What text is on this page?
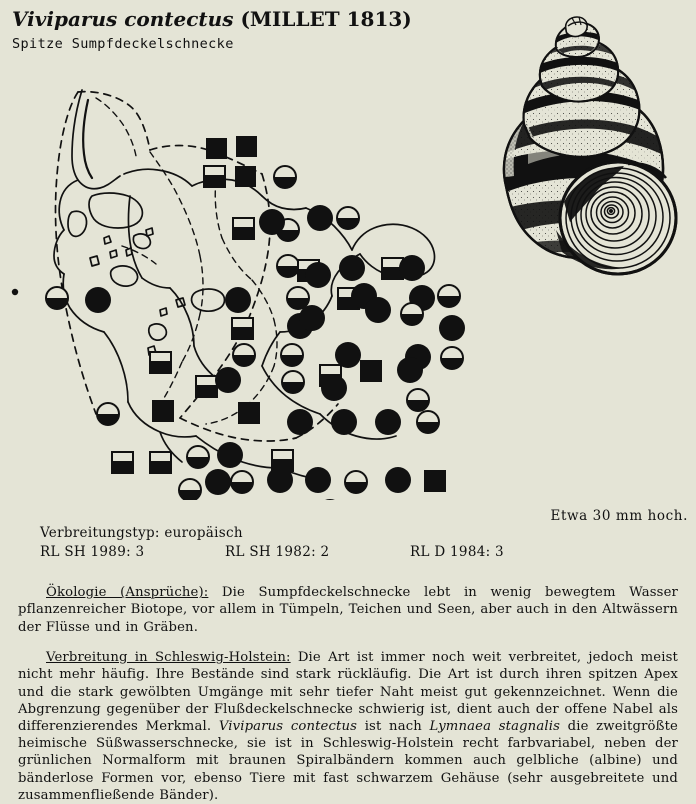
Viviparus contectus (MILLET 1813)
Spitze Sumpfdeckelschnecke
Etwa 30 mm hoch.
Verbreitungstyp: europäisch
RL SH 1989: 3	RL SH 1982: 2	RL D 1984: 3

Ökologie (Ansprüche): Die Sumpfdeckelschnecke lebt in wenig bewegtem Wasser pflanzenreicher Biotope, vor allem in Tümpeln, Teichen und Seen, aber auch in den Altwässern der Flüsse und in Gräben.

Verbreitung in Schleswig-Holstein: Die Art ist immer noch weit verbreitet, jedoch meist nicht mehr häufig. Ihre Bestände sind stark rückläufig. Die Art ist durch ihren spitzen Apex und die stark gewölbten Umgänge mit sehr tiefer Naht meist gut gekennzeichnet. Wenn die Abgrenzung gegenüber der Flußdeckelschnecke schwierig ist, dient auch der offene Nabel als differenzierendes Merkmal. Viviparus contectus ist nach Lymnaea stagnalis die zweitgrößte heimische Süßwasserschnecke, sie ist in Schleswig-Holstein recht farbvariabel, neben der grünlichen Normalform mit braunen Spiralbändern kommen auch gelbliche (albine) und bänderlose Formen vor, ebenso Tiere mit fast schwarzem Gehäuse (sehr ausgebreitete und zusammenfließende Bänder).
